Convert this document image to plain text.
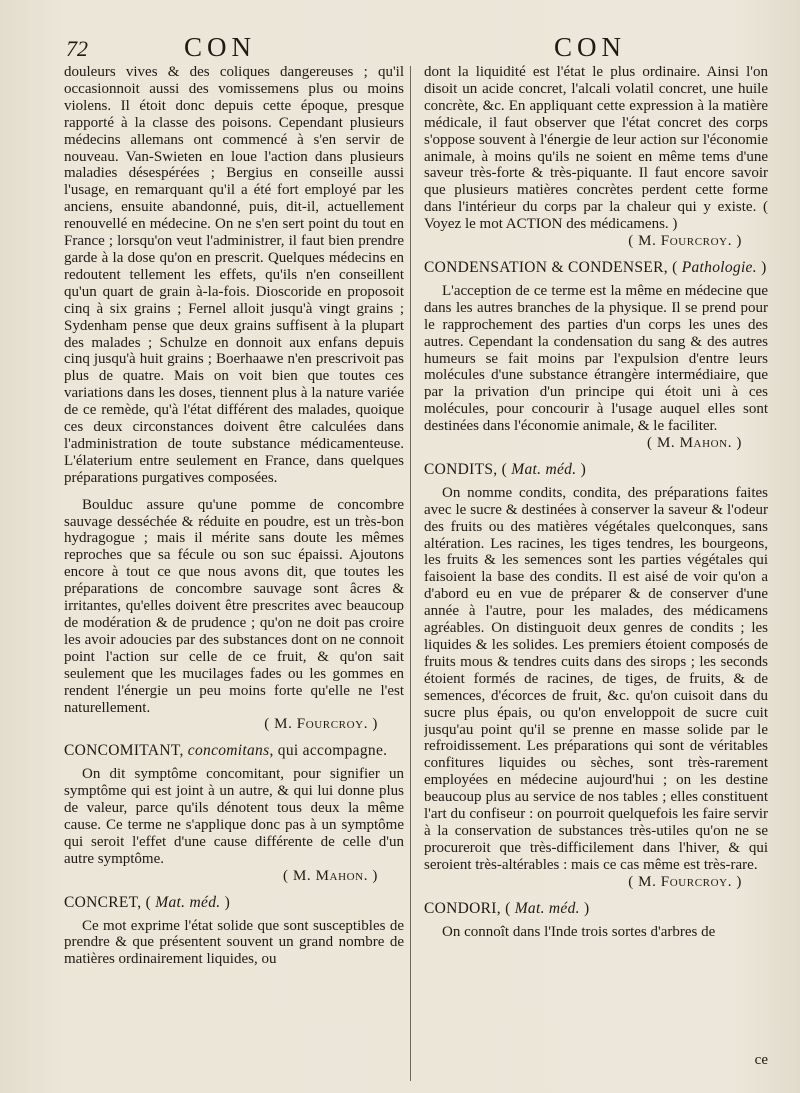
72	CON	CON

douleurs vives & des coliques dangereuses ; qu'il occasionnoit aussi des vomissemens plus ou moins violens. Il étoit donc depuis cette époque, presque rapporté à la classe des poisons. Cependant plusieurs médecins allemans ont commencé à s'en servir de nouveau. Van-Swieten en loue l'action dans plusieurs maladies désespérées ; Bergius en conseille aussi l'usage, en remarquant qu'il a été fort employé par les anciens, ensuite abandonné, puis, dit-il, actuellement renouvellé en médecine. On ne s'en sert point du tout en France ; lorsqu'on veut l'administrer, il faut bien prendre garde à la dose qu'on en prescrit. Quelques médecins en redoutent tellement les effets, qu'ils n'en conseillent qu'un quart de grain à-la-fois. Dioscoride en proposoit cinq à six grains ; Fernel alloit jusqu'à vingt grains ; Sydenham pense que deux grains suffisent à la plupart des malades ; Schulze en donnoit aux enfans depuis cinq jusqu'à huit grains ; Boerhaawe n'en prescrivoit pas plus de quatre. Mais on voit bien que toutes ces variations dans les doses, tiennent plus à la nature variée de ce remède, qu'à l'état différent des malades, quoique ces deux circonstances doivent être calculées dans l'administration de toute substance médicamenteuse. L'élaterium entre seulement en France, dans quelques préparations purgatives composées.

Boulduc assure qu'une pomme de concombre sauvage desséchée & réduite en poudre, est un très-bon hydragogue ; mais il mérite sans doute les mêmes reproches que sa fécule ou son suc épaissi. Ajoutons encore à tout ce que nous avons dit, que toutes les préparations de concombre sauvage sont âcres & irritantes, qu'elles doivent être prescrites avec beaucoup de modération & de prudence ; qu'on ne doit pas croire les avoir adoucies par des substances dont on ne connoit point l'action sur celle de ce fruit, & qu'on sait seulement que les mucilages fades ou les gommes en rendent l'énergie un peu moins forte qu'elle ne l'est naturellement.

( M. Fourcroy. )

CONCOMITANT, concomitans, qui accompagne.

On dit symptôme concomitant, pour signifier un symptôme qui est joint à un autre, & qui lui donne plus de valeur, parce qu'ils dénotent tous deux la même cause. Ce terme ne s'applique donc pas à un symptôme qui seroit l'effet d'une cause différente de celle d'un autre symptôme.

( M. Mahon. )

CONCRET, ( Mat. méd. )

Ce mot exprime l'état solide que sont susceptibles de prendre & que présentent souvent un grand nombre de matières ordinairement liquides, ou

dont la liquidité est l'état le plus ordinaire. Ainsi l'on disoit un acide concret, l'alcali volatil concret, une huile concrète, &c. En appliquant cette expression à la matière médicale, il faut observer que l'état concret des corps s'oppose souvent à l'énergie de leur action sur l'économie animale, à moins qu'ils ne soient en même tems d'une saveur très-forte & très-piquante. Il faut encore savoir que plusieurs matières concrètes perdent cette forme dans l'intérieur du corps par la chaleur qui y existe. ( Voyez le mot ACTION des médicamens. )

( M. Fourcroy. )

CONDENSATION & CONDENSER, ( Pathologie. )

L'acception de ce terme est la même en médecine que dans les autres branches de la physique. Il se prend pour le rapprochement des parties d'un corps les unes des autres. Cependant la condensation du sang & des autres humeurs se fait moins par l'expulsion d'entre leurs molécules d'une substance étrangère intermédiaire, que par la privation d'un principe qui étoit uni à ces molécules, pour concourir à l'usage auquel elles sont destinées dans l'économie animale, & le faciliter.

( M. Mahon. )

CONDITS, ( Mat. méd. )

On nomme condits, condita, des préparations faites avec le sucre & destinées à conserver la saveur & l'odeur des fruits ou des matières végétales quelconques, sans altération. Les racines, les tiges tendres, les bourgeons, les fruits & les semences sont les parties végétales qui faisoient la base des condits. Il est aisé de voir qu'on a d'abord eu en vue de préparer & de conserver d'une année à l'autre, pour les malades, des médicamens agréables. On distinguoit deux genres de condits ; les liquides & les solides. Les premiers étoient composés de fruits mous & tendres cuits dans des sirops ; les seconds étoient formés de racines, de tiges, de fruits, & de semences, d'écorces de fruit, &c. qu'on cuisoit dans du sucre plus épais, ou qu'on enveloppoit de sucre cuit jusqu'au point qu'il se prenne en masse solide par le refroidissement. Les préparations qui sont de véritables confitures liquides ou sèches, sont très-rarement employées en médecine aujourd'hui ; on les destine beaucoup plus au service de nos tables ; elles constituent l'art du confiseur : on pourroit quelquefois les faire servir à la conservation de substances très-utiles qu'on ne se procureroit que très-difficilement dans l'hiver, & qui seroient très-altérables : mais ce cas même est très-rare.

( M. Fourcroy. )

CONDORI, ( Mat. méd. )

On connoît dans l'Inde trois sortes d'arbres de

ce
